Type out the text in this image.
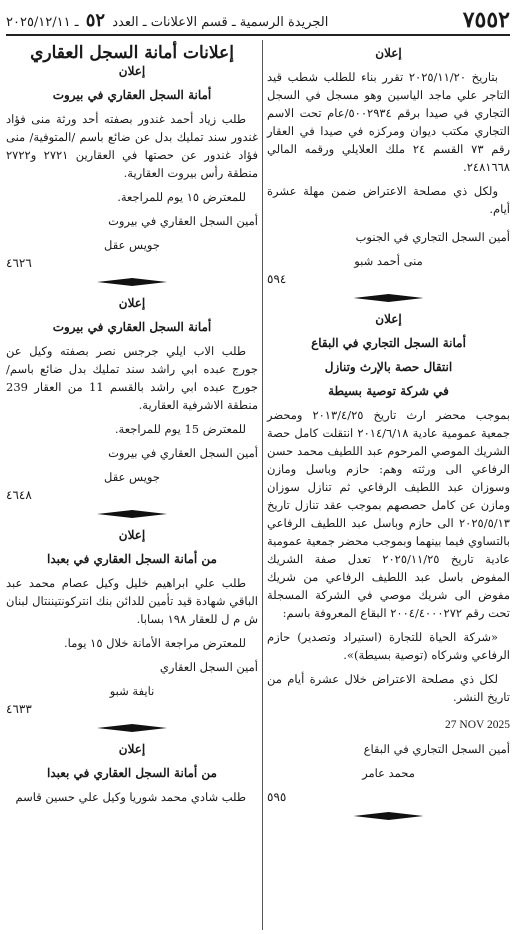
٧٥٥٢
الجريدة الرسمية ـ قسم الاعلانات ـ العدد ٥٢ ـ ٢٠٢٥/١٢/١١

إعلان

بتاريخ ٢٠٢٥/١١/٢٠ تقرر بناء للطلب شطب قيد التاجر علي ماجد الياسين وهو مسجل في السجل التجاري في صيدا برقم ٥٠٠٢٩٣٤/عام تحت الاسم التجاري مكتب ديوان ومركزه في صيدا في العقار رقم ٧٣ القسم ٢٤ ملك العلايلي ورقمه المالي ٢٤٨١٦٦٨.

ولكل ذي مصلحة الاعتراض ضمن مهلة عشرة أيام.

أمين السجل التجاري في الجنوب

منى أحمد شبو

٥٩٤

إعلان

أمانة السجل التجاري في البقاع

انتقال حصة بالإرث وتنازل

في شركة توصية بسيطة

بموجب محضر ارث تاريخ ٢٠١٣/٤/٢٥ ومحضر جمعية عمومية عادية ٢٠١٤/٦/١٨ انتقلت كامل حصة الشريك الموصي المرحوم عبد اللطيف محمد حسن الرفاعي الى ورثته وهم: حازم وباسل ومازن وسوزان عبد اللطيف الرفاعي ثم تنازل سوزان ومازن عن كامل حصصهم بموجب عقد تنازل تاريخ ٢٠٢٥/٥/١٣ الى حازم وباسل عبد اللطيف الرفاعي بالتساوي فيما بينهما وبموجب محضر جمعية عمومية عادية تاريخ ٢٠٢٥/١١/٢٥ تعدل صفة الشريك المفوض باسل عبد اللطيف الرفاعي من شريك مفوض الى شريك موصي في الشركة المسجلة تحت رقم ٢٠٠٤/٤٠٠٠٢٧٢ البقاع المعروفة باسم:

«شركة الحياة للتجارة (استيراد وتصدير) حازم الرفاعي وشركاه (توصية بسيطة)».

لكل ذي مصلحة الاعتراض خلال عشرة أيام من تاريخ النشر.

27 NOV 2025

أمين السجل التجاري في البقاع

محمد عامر

٥٩٥

إعلانات أمانة السجل العقاري

إعلان

أمانة السجل العقاري في بيروت

طلب زياد أحمد غندور بصفته أحد ورثة منى فؤاد غندور سند تمليك بدل عن ضائع باسم /المتوفية/ منى فؤاد غندور عن حصتها في العقارين ٢٧٢١ و٢٧٢٢ منطقة رأس بيروت العقارية.

للمعترض ١٥ يوم للمراجعة.

أمين السجل العقاري في بيروت

جويس عقل

٤٦٢٦

إعلان

أمانة السجل العقاري في بيروت

طلب الاب ايلي جرجس نصر بصفته وكيل عن جورج عبده ابي راشد سند تمليك بدل ضائع باسم/ جورج عبده ابي راشد بالقسم 11 من العقار 239 منطقة الاشرفية العقارية.

للمعترض 15 يوم للمراجعة.

أمين السجل العقاري في بيروت

جويس عقل

٤٦٤٨

إعلان

من أمانة السجل العقاري في بعبدا

طلب علي ابراهيم خليل وكيل عصام محمد عبد الباقي شهادة قيد تأمين للدائن بنك انتركونتيننتال لبنان ش م ل للعقار ١٩٨ بسابا.

للمعترض مراجعة الأمانة خلال ١٥ يوما.

أمين السجل العقاري

نايفة شبو

٤٦٣٣

إعلان

من أمانة السجل العقاري في بعبدا

طلب شادي محمد شوريا وكيل علي حسين قاسم
